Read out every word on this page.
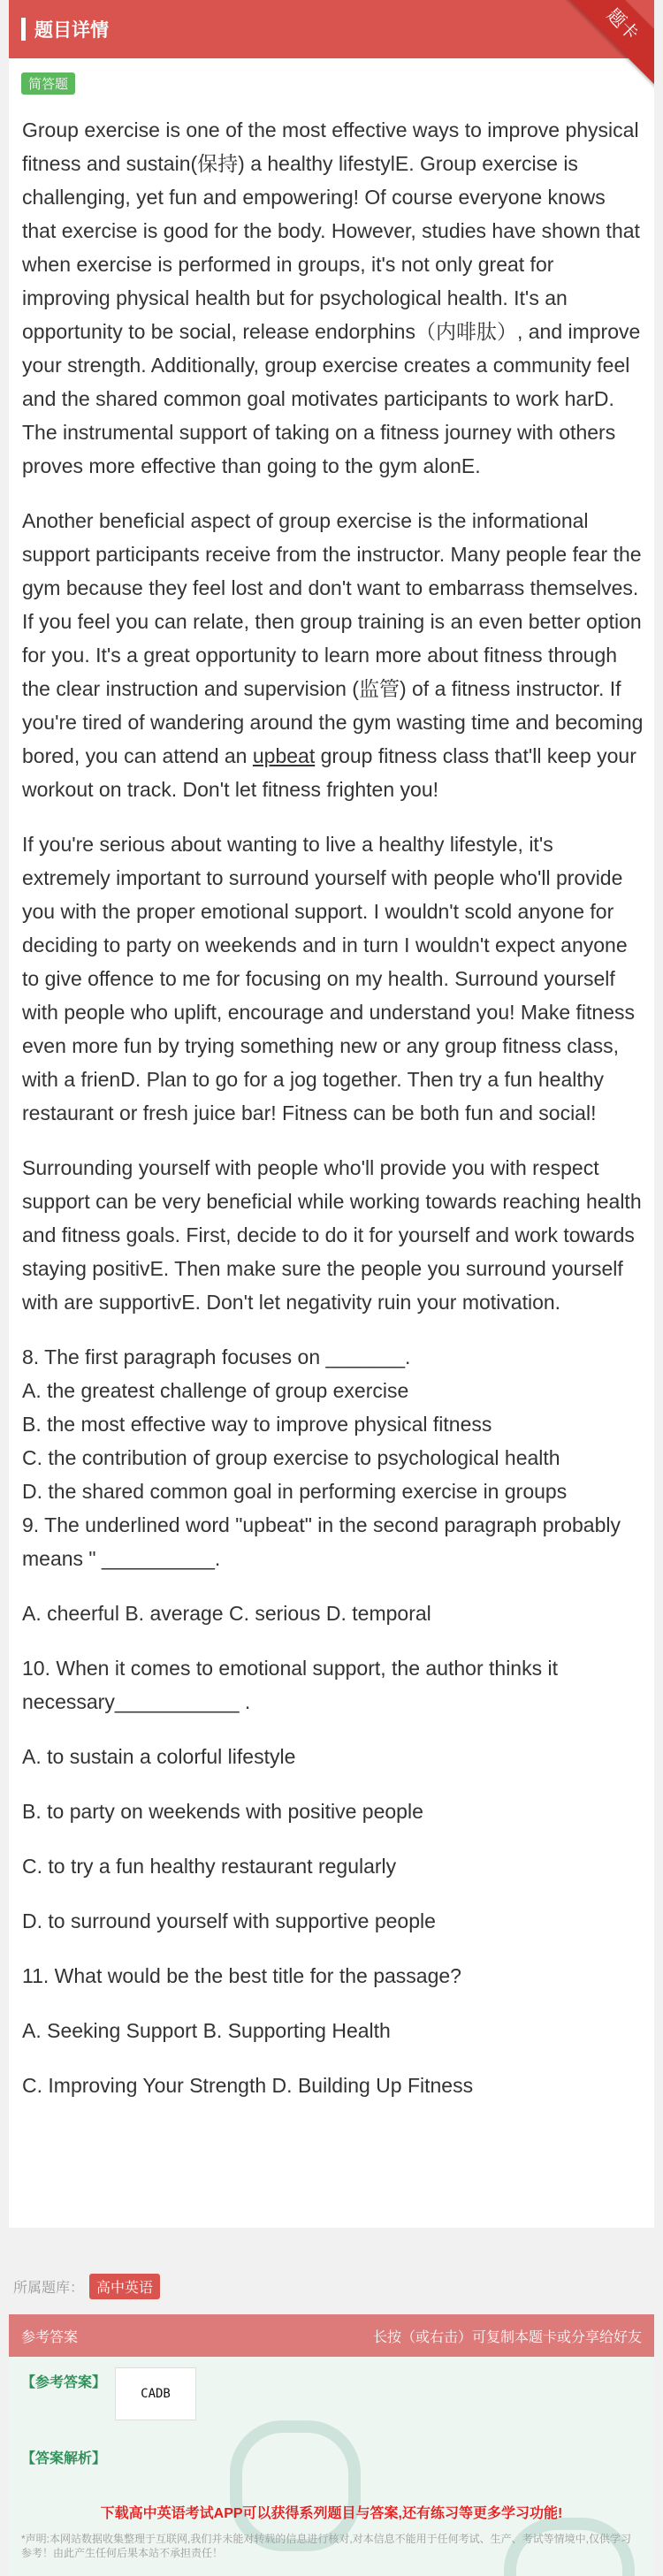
题目详情	题卡
简答题

Group exercise is one of the most effective ways to improve physical fitness and sustain(保持) a healthy lifestylE. Group exercise is challenging, yet fun and empowering! Of course everyone knows that exercise is good for the body. However, studies have shown that when exercise is performed in groups, it's not only great for improving physical health but for psychological health. It's an opportunity to be social, release endorphins（内啡肽）, and improve your strength. Additionally, group exercise creates a community feel and the shared common goal motivates participants to work harD. The instrumental support of taking on a fitness journey with others proves more effective than going to the gym alonE.

Another beneficial aspect of group exercise is the informational support participants receive from the instructor. Many people fear the gym because they feel lost and don't want to embarrass themselves. If you feel you can relate, then group training is an even better option for you. It's a great opportunity to learn more about fitness through the clear instruction and supervision (监管) of a fitness instructor. If you're tired of wandering around the gym wasting time and becoming bored, you can attend an upbeat group fitness class that'll keep your workout on track. Don't let fitness frighten you!

If you're serious about wanting to live a healthy lifestyle, it's extremely important to surround yourself with people who'll provide you with the proper emotional support. I wouldn't scold anyone for deciding to party on weekends and in turn I wouldn't expect anyone to give offence to me for focusing on my health. Surround yourself with people who uplift, encourage and understand you! Make fitness even more fun by trying something new or any group fitness class, with a frienD. Plan to go for a jog together. Then try a fun healthy restaurant or fresh juice bar! Fitness can be both fun and social!

Surrounding yourself with people who'll provide you with respect support can be very beneficial while working towards reaching health and fitness goals. First, decide to do it for yourself and work towards staying positivE. Then make sure the people you surround yourself with are supportivE. Don't let negativity ruin your motivation.

8. The first paragraph focuses on _______.
A. the greatest challenge of group exercise
B. the most effective way to improve physical fitness
C. the contribution of group exercise to psychological health
D. the shared common goal in performing exercise in groups
9. The underlined word "upbeat" in the second paragraph probably means " __________.
A. cheerful B. average C. serious D. temporal
10. When it comes to emotional support, the author thinks it necessary___________ .
A. to sustain a colorful lifestyle
B. to party on weekends with positive people
C. to try a fun healthy restaurant regularly
D. to surround yourself with supportive people
11. What would be the best title for the passage?
A. Seeking Support B. Supporting Health
C. Improving Your Strength D. Building Up Fitness
所属题库： 高中英语
参考答案	长按（或右击）可复制本题卡或分享给好友
【参考答案】
CADB
【答案解析】
下载高中英语考试APP可以获得系列题目与答案,还有练习等更多学习功能!
*声明:本网站数据收集整理于互联网,我们并未能对转载的信息进行核对,对本信息不能用于任何考试、生产、考试等情境中,仅供学习参考！由此产生任何后果本站不承担责任！
